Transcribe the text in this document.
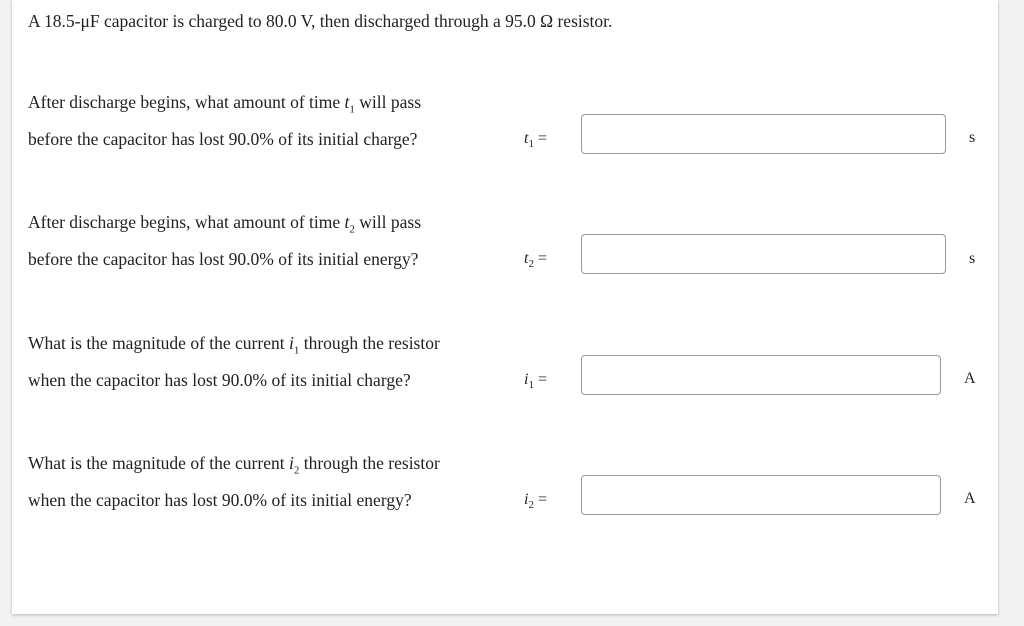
A 18.5-μF capacitor is charged to 80.0 V, then discharged through a 95.0 Ω resistor.
After discharge begins, what amount of time $t_1$ will pass
before the capacitor has lost 90.0% of its initial charge?	$t_1$ =	s
After discharge begins, what amount of time $t_2$ will pass
before the capacitor has lost 90.0% of its initial energy?	$t_2$ =	s
What is the magnitude of the current $i_1$ through the resistor
when the capacitor has lost 90.0% of its initial charge?	$i_1$ =	A
What is the magnitude of the current $i_2$ through the resistor
when the capacitor has lost 90.0% of its initial energy?	$i_2$ =	A
